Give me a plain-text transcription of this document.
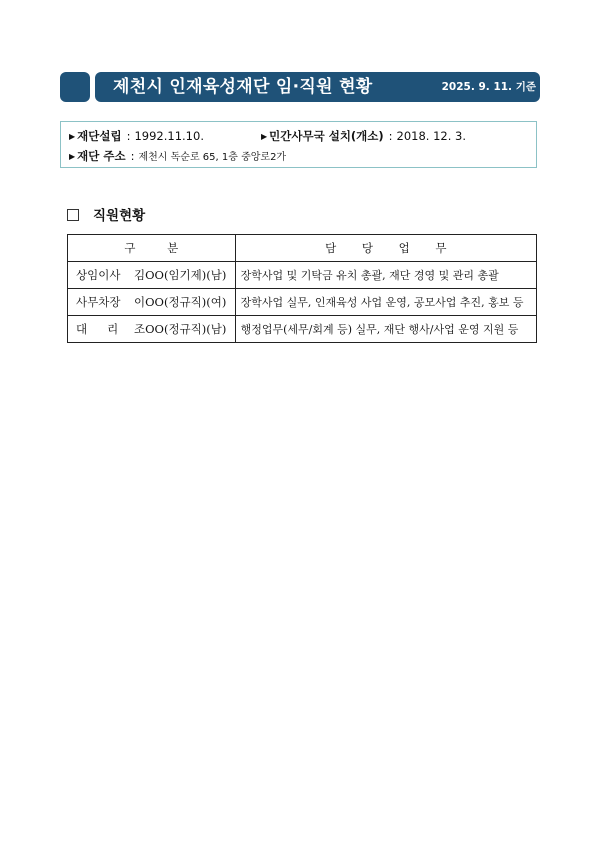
제천시 인재육성재단 임·직원 현황	2025. 9. 11. 기준
▶ 재단설립 : 1992.11.10.	▶ 민간사무국 설치(개소) : 2018. 12. 3.
▶ 재단 주소 : 제천시 독순로 65, 1층 중앙로2가
직원현황
구 분	담 당 업 무
상임이사 김OO(임기제)(남)	장학사업 및 기탁금 유치 총괄, 재단 경영 및 관리 총괄
사무차장 이OO(정규직)(여)	장학사업 실무, 인재육성 사업 운영, 공모사업 추진, 홍보 등
대리조OO(정규직)(남)	행정업무(세무/회계 등) 실무, 재단 행사/사업 운영 지원 등
